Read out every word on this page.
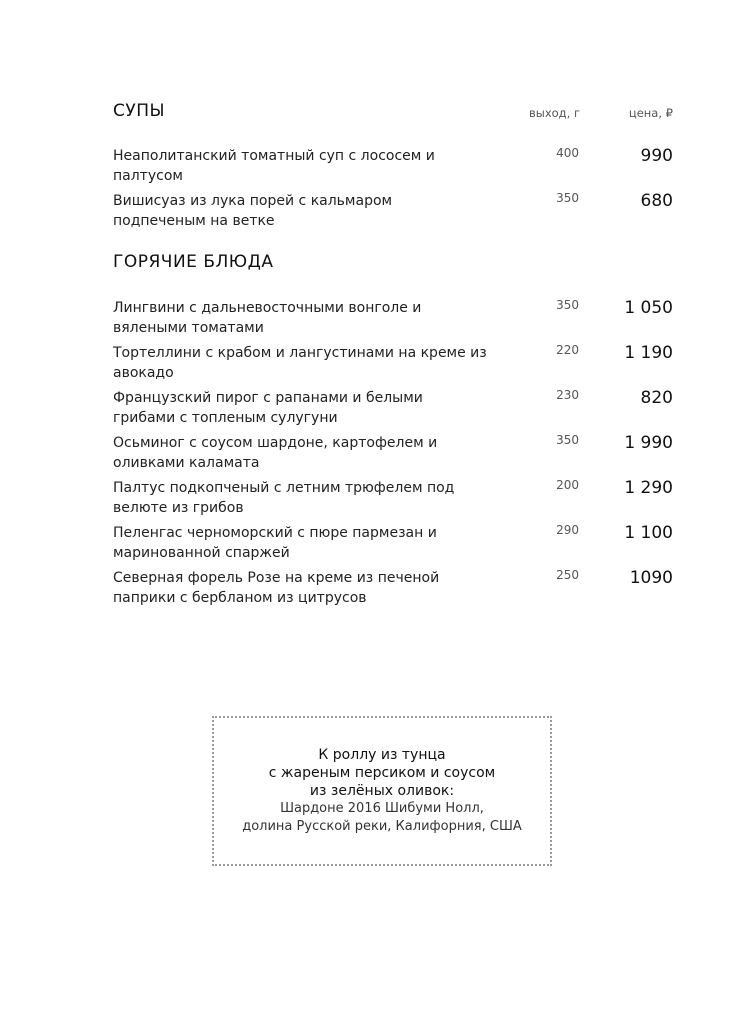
СУПЫ	выход, г	цена, ₽
Неаполитанский томатный суп с лососем и палтусом
400	990
Вишисуаз из лука порей с кальмаром подпеченым на ветке
350	680
ГОРЯЧИЕ БЛЮДА
Лингвини с дальневосточными вонголе и вялеными томатами
350	1 050
Тортеллини с крабом и лангустинами на креме из авокадо
220	1 190
Французский пирог с рапанами и белыми грибами с топленым сулугуни
230	820
Осьминог с соусом шардоне, картофелем и оливками каламата
350	1 990
Палтус подкопченый с летним трюфелем под велюте из грибов
200	1 290
Пеленгас черноморский с пюре пармезан и маринованной спаржей
290	1 100
Северная форель Розе на креме из печеной паприки с бербланом из цитрусов
250	1090
К роллу из тунца
с жареным персиком и соусом
из зелёных оливок:
Шардоне 2016 Шибуми Нолл,
долина Русской реки, Калифорния, США
